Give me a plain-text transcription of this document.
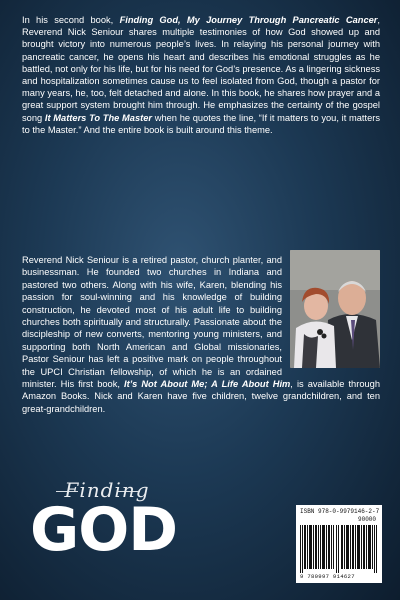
In his second book, Finding God, My Journey Through Pancreatic Cancer, Reverend Nick Seniour shares multiple testimonies of how God showed up and brought victory into numerous people’s lives. In relaying his personal journey with pancreatic cancer, he opens his heart and describes his emotional struggles as he battled, not only for his life, but for his need for God’s presence. As a lingering sickness and hospitalization sometimes cause us to feel isolated from God, though a pastor for many years, he, too, felt detached and alone. In this book, he shares how prayer and a great support system brought him through. He emphasizes the certainty of the gospel song It Matters To The Master when he quotes the line, “If it matters to you, it matters to the Master.” And the entire book is built around this theme.

Reverend Nick Seniour is a retired pastor, church planter, and businessman. He founded two churches in Indiana and pastored two others. Along with his wife, Karen, blending his passion for soul-winning and his knowledge of building construction, he devoted most of his adult life to building churches both spiritually and structurally. Passionate about the discipleship of new converts, mentoring young ministers, and supporting both North American and Global missionaries, Pastor Seniour has left a positive mark on people throughout the UPCI Christian fellowship, of which he is an ordained minister. His first book, It’s Not About Me; A Life About Him, is available through Amazon Books. Nick and Karen have five children, twelve grandchildren, and ten great-grandchildren.

Finding
GOD	ISBN 978-0-9979146-2-7
90000
9 780997 914627
